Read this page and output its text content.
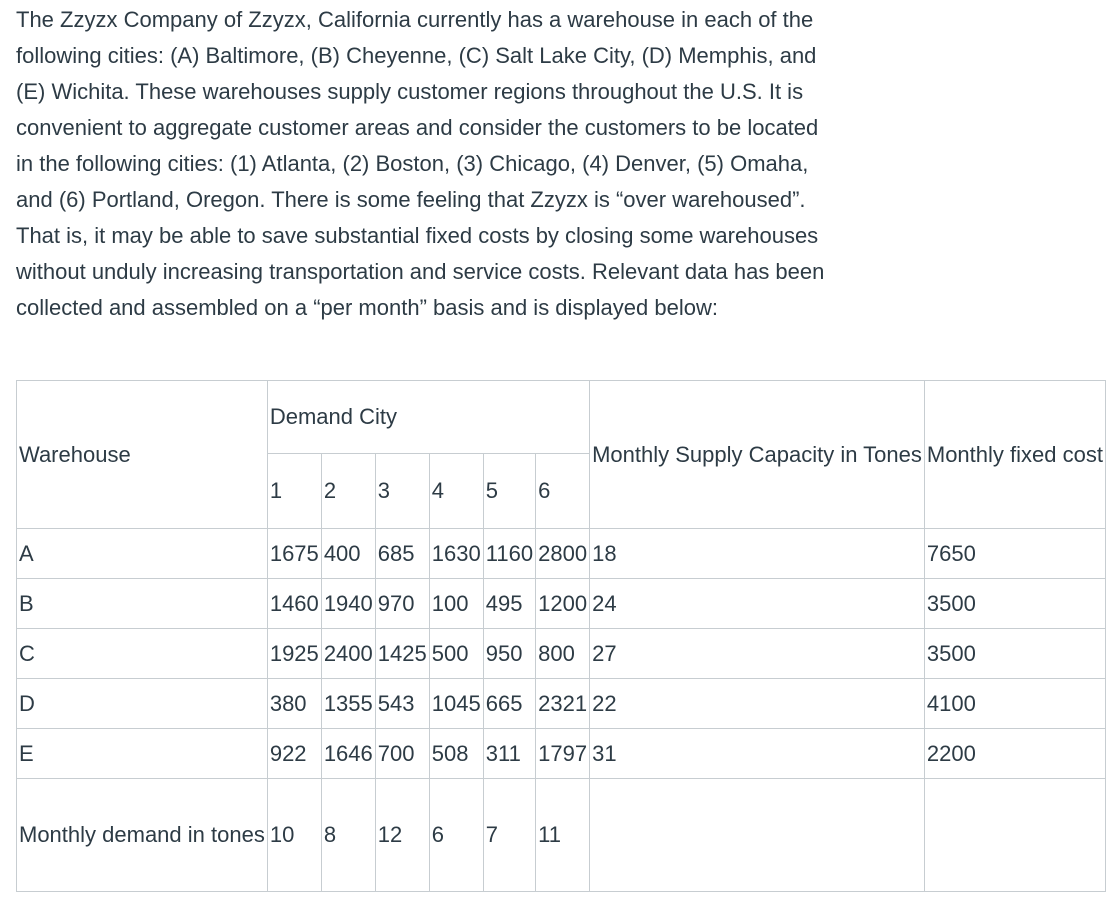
The Zzyzx Company of Zzyzx, California currently has a warehouse in each of the following cities: (A) Baltimore, (B) Cheyenne, (C) Salt Lake City, (D) Memphis, and (E) Wichita. These warehouses supply customer regions throughout the U.S. It is convenient to aggregate customer areas and consider the customers to be located in the following cities: (1) Atlanta, (2) Boston, (3) Chicago, (4) Denver, (5) Omaha, and (6) Portland, Oregon. There is some feeling that Zzyzx is “over warehoused”. That is, it may be able to save substantial fixed costs by closing some warehouses without unduly increasing transportation and service costs. Relevant data has been collected and assembled on a “per month” basis and is displayed below:

Warehouse	Demand City						Monthly Supply Capacity in Tones	Monthly fixed cost
	1	2	3	4	5	6		
A	1675	400	685	1630	1160	2800	18	7650
B	1460	1940	970	100	495	1200	24	3500
C	1925	2400	1425	500	950	800	27	3500
D	380	1355	543	1045	665	2321	22	4100
E	922	1646	700	508	311	1797	31	2200
Monthly demand in tones	10	8	12	6	7	11		
